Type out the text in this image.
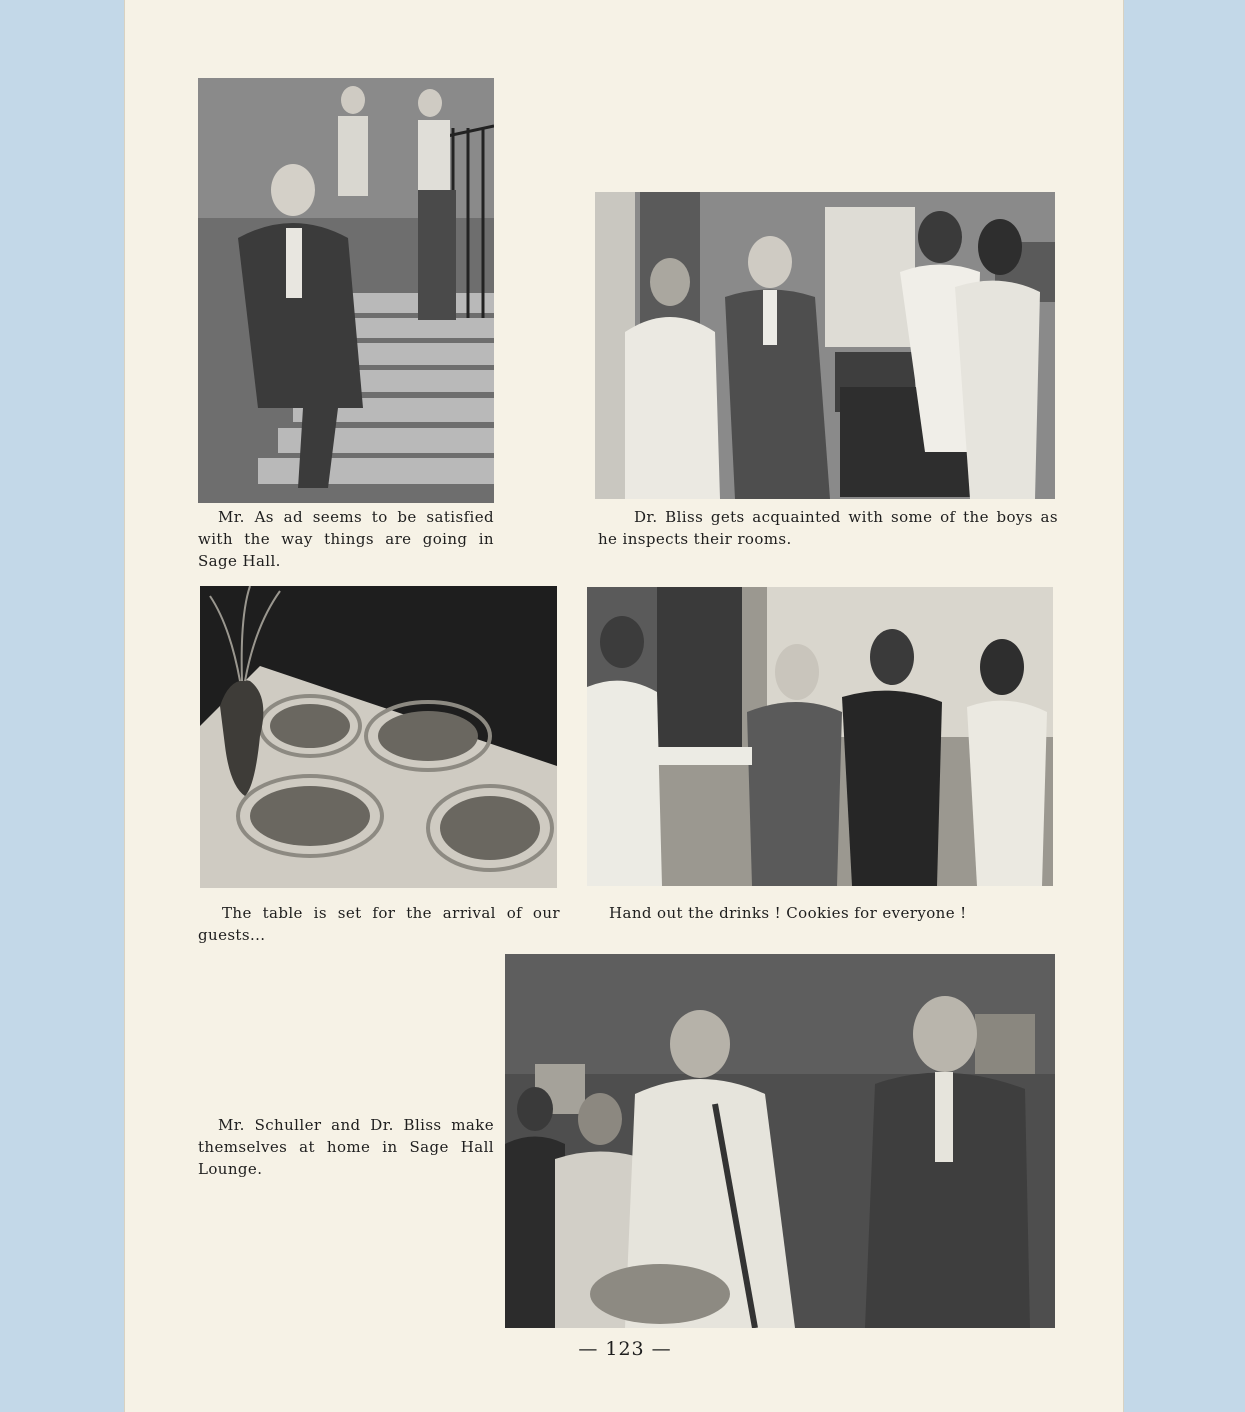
Mr. As ad seems to be satisfied with the way things are going in Sage Hall.
Dr. Bliss gets acquainted with some of the boys as he inspects their rooms.
The table is set for the arrival of our guests...
Hand out the drinks ! Cookies for everyone !
Mr. Schuller and Dr. Bliss make themselves at home in Sage Hall Lounge.
— 123 —
